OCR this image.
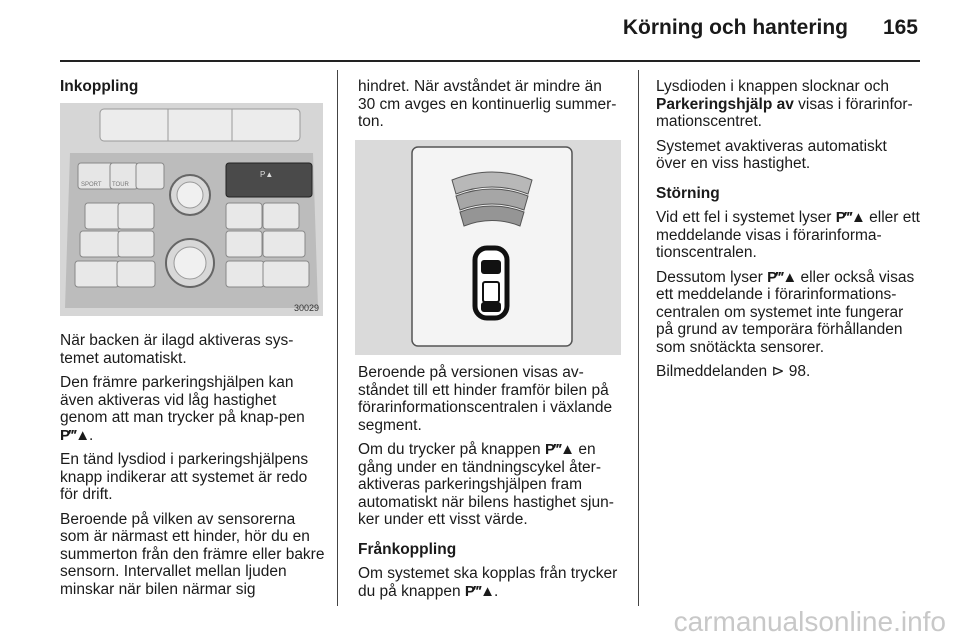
Körning och hantering 165

Inkoppling

SPORT TOUR
P▲
30029

När backen är ilagd aktiveras sys-temet automatiskt.

Den främre parkeringshjälpen kan även aktiveras vid låg hastighet genom att man trycker på knap-pen P‴▲.

En tänd lysdiod i parkeringshjälpens knapp indikerar att systemet är redo för drift.

Beroende på vilken av sensorerna som är närmast ett hinder, hör du en summerton från den främre eller bakre sensorn. Intervallet mellan ljuden minskar när bilen närmar sig

hindret. När avståndet är mindre än 30 cm avges en kontinuerlig summer-ton.

Beroende på versionen visas av-ståndet till ett hinder framför bilen på förarinformationscentralen i växlande segment.

Om du trycker på knappen P‴▲ en gång under en tändningscykel åter-aktiveras parkeringshjälpen fram automatiskt när bilens hastighet sjun-ker under ett visst värde.

Frånkoppling

Om systemet ska kopplas från trycker du på knappen P‴▲.

Lysdioden i knappen slocknar och Parkeringshjälp av visas i förarinfor-mationscentret.

Systemet avaktiveras automatiskt över en viss hastighet.

Störning

Vid ett fel i systemet lyser P‴▲ eller ett meddelande visas i förarinforma-tionscentralen.

Dessutom lyser P‴▲ eller också visas ett meddelande i förarinformations-centralen om systemet inte fungerar på grund av temporära förhållanden som snötäckta sensorer.

Bilmeddelanden ⊳ 98.

carmanualsonline.info
